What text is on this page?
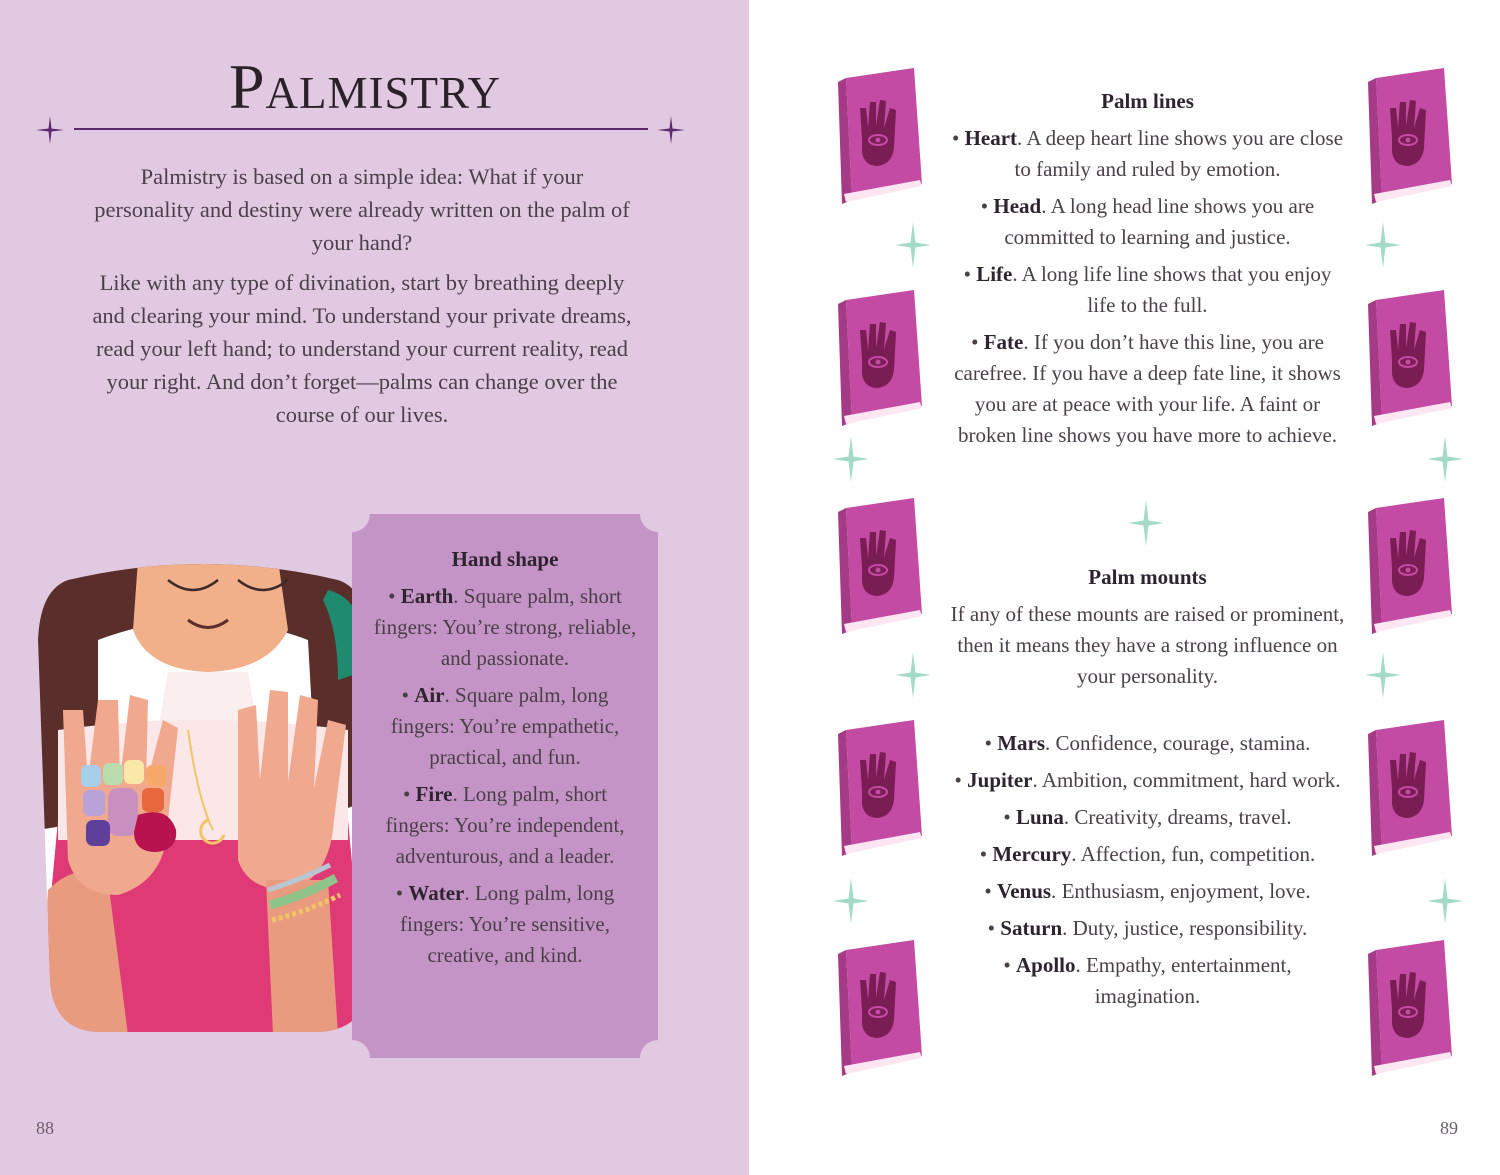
Palmistry

Palmistry is based on a simple idea: What if your personality and destiny were already written on the palm of your hand?

Like with any type of divination, start by breathing deeply and clearing your mind. To understand your private dreams, read your left hand; to understand your current reality, read your right. And don’t forget—palms can change over the course of our lives.

Hand shape
• Earth. Square palm, short fingers: You’re strong, reliable, and passionate.
• Air. Square palm, long fingers: You’re empathetic, practical, and fun.
• Fire. Long palm, short fingers: You’re independent, adventurous, and a leader.
• Water. Long palm, long fingers: You’re sensitive, creative, and kind.
88
Palm lines
• Heart. A deep heart line shows you are close to family and ruled by emotion.
• Head. A long head line shows you are committed to learning and justice.
• Life. A long life line shows that you enjoy life to the full.
• Fate. If you don’t have this line, you are carefree. If you have a deep fate line, it shows you are at peace with your life. A faint or broken line shows you have more to achieve.
Palm mounts
If any of these mounts are raised or prominent, then it means they have a strong influence on your personality.
• Mars. Confidence, courage, stamina.
• Jupiter. Ambition, commitment, hard work.
• Luna. Creativity, dreams, travel.
• Mercury. Affection, fun, competition.
• Venus. Enthusiasm, enjoyment, love.
• Saturn. Duty, justice, responsibility.
• Apollo. Empathy, entertainment, imagination.
89
